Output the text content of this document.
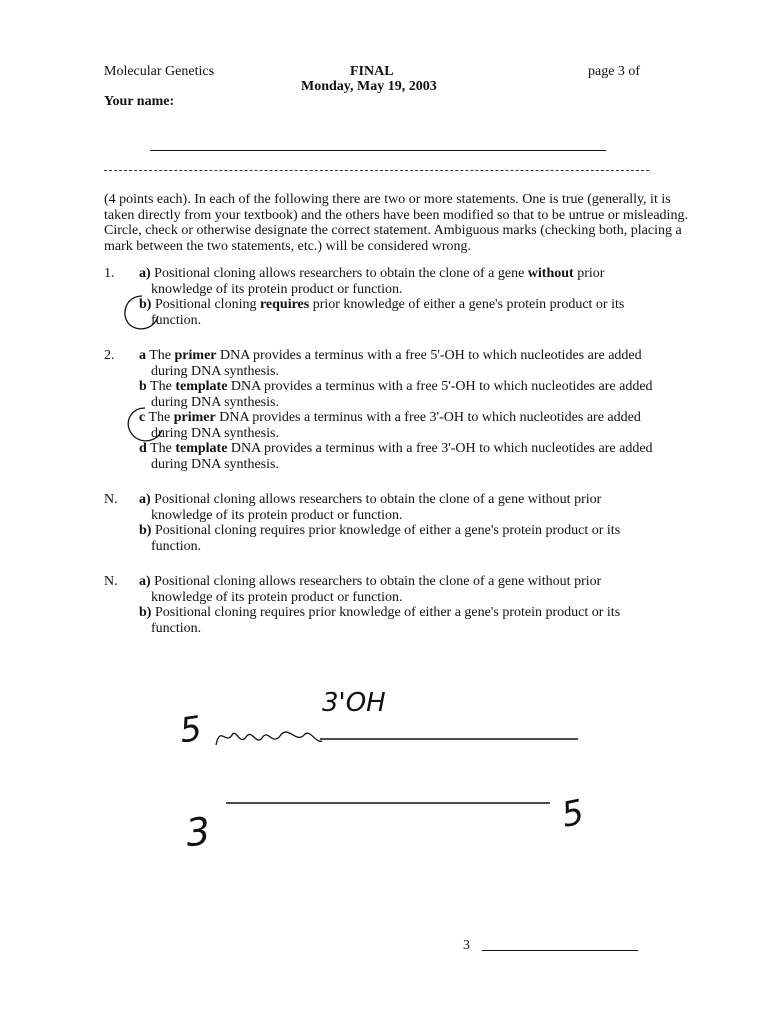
Molecular Genetics	FINAL
Monday, May 19, 2003
page 3 of
Your name:
(4 points each). In each of the following there are two or more statements. One is true (generally, it is taken directly from your textbook) and the others have been modified so that to be untrue or misleading. Circle, check or otherwise designate the correct statement. Ambiguous marks (checking both, placing a mark between the two statements, etc.) will be considered wrong.
1.	a) Positional cloning allows researchers to obtain the clone of a gene without prior
knowledge of its protein product or function.
b) Positional cloning requires prior knowledge of either a gene's protein product or its
function.
2.	a The primer DNA provides a terminus with a free 5'-OH to which nucleotides are added
during DNA synthesis.
b The template DNA provides a terminus with a free 5'-OH to which nucleotides are added
during DNA synthesis.
c The primer DNA provides a terminus with a free 3'-OH to which nucleotides are added
during DNA synthesis.
d The template DNA provides a terminus with a free 3'-OH to which nucleotides are added
during DNA synthesis.
N.	a) Positional cloning allows researchers to obtain the clone of a gene without prior
knowledge of its protein product or function.
b) Positional cloning requires prior knowledge of either a gene's protein product or its
function.
N.	a) Positional cloning allows researchers to obtain the clone of a gene without prior
knowledge of its protein product or function.
b) Positional cloning requires prior knowledge of either a gene's protein product or its
function.
5
3'OH
3	5
3
